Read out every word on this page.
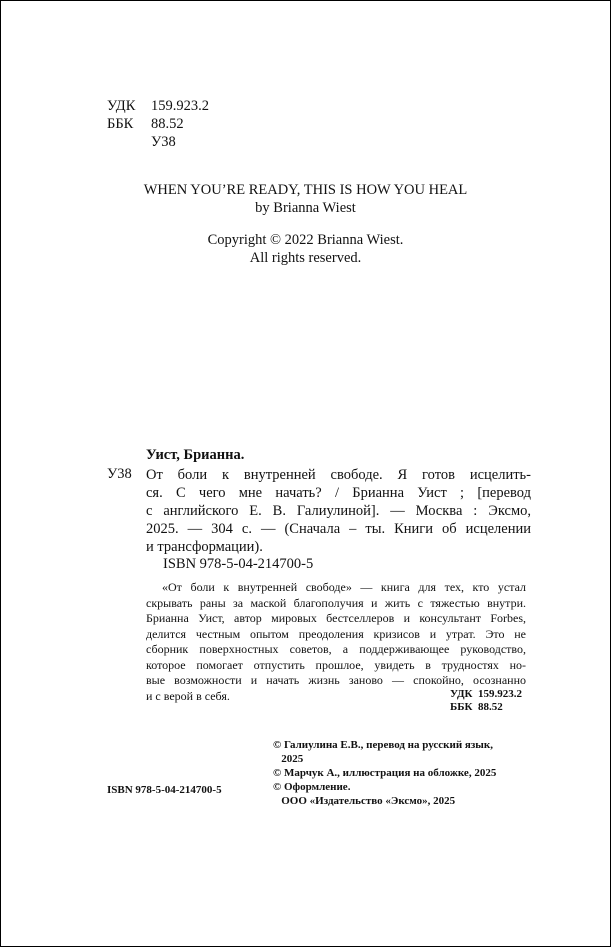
УДК 159.923.2
ББК 88.52
У38
WHEN YOU’RE READY, THIS IS HOW YOU HEAL
by Brianna Wiest
Copyright © 2022 Brianna Wiest.
All rights reserved.
Уист, Брианна.
У38 От боли к внутренней свободе. Я готов исцелить-
ся. С чего мне начать? / Брианна Уист ; [перевод
с английского Е. В. Галиулиной]. — Москва : Эксмо,
2025. — 304 с. — (Сначала – ты. Книги об исцелении
и трансформации).
ISBN 978-5-04-214700-5
«От боли к внутренней свободе» — книга для тех, кто устал
скрывать раны за маской благополучия и жить с тяжестью внутри.
Брианна Уист, автор мировых бестселлеров и консультант Forbes,
делится честным опытом преодоления кризисов и утрат. Это не
сборник поверхностных советов, а поддерживающее руководство,
которое помогает отпустить прошлое, увидеть в трудностях но-
вые возможности и начать жизнь заново — спокойно, осознанно
и с верой в себя.	УДК 159.923.2
ББК 88.52
© Галиулина Е.В., перевод на русский язык,
2025
© Марчук А., иллюстрация на обложке, 2025
© Оформление.
ООО «Издательство «Эксмо», 2025
ISBN 978-5-04-214700-5
